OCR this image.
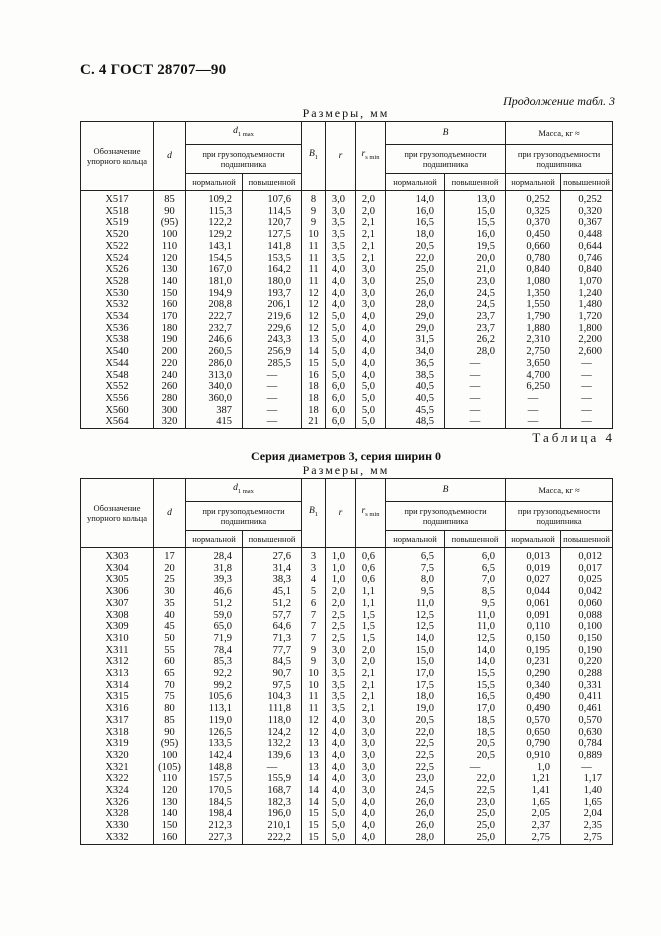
С. 4 ГОСТ 28707—90
Продолжение табл. 3
Размеры, мм
Обозначение упорного кольца	d	$d_{1 max}$		$B_1$	r	$r_{s min}$	B		Масса, кг ≈	
		при грузоподъемности подшипника					при грузоподъемности подшипника		при грузоподъемности подшипника	
		нормальной	повышенной				нормальной	повышенной	нормальной	повышенной
Х517	85	109,2	107,6	8	3,0	2,0	14,0	13,0	0,252	0,252
Х518	90	115,3	114,5	9	3,0	2,0	16,0	15,0	0,325	0,320
Х519	(95)	122,2	120,7	9	3,5	2,1	16,5	15,5	0,370	0,367
Х520	100	129,2	127,5	10	3,5	2,1	18,0	16,0	0,450	0,448
Х522	110	143,1	141,8	11	3,5	2,1	20,5	19,5	0,660	0,644
Х524	120	154,5	153,5	11	3,5	2,1	22,0	20,0	0,780	0,746
Х526	130	167,0	164,2	11	4,0	3,0	25,0	21,0	0,840	0,840
Х528	140	181,0	180,0	11	4,0	3,0	25,0	23,0	1,080	1,070
Х530	150	194,9	193,7	12	4,0	3,0	26,0	24,5	1,350	1,240
Х532	160	208,8	206,1	12	4,0	3,0	28,0	24,5	1,550	1,480
Х534	170	222,7	219,6	12	5,0	4,0	29,0	23,7	1,790	1,720
Х536	180	232,7	229,6	12	5,0	4,0	29,0	23,7	1,880	1,800
Х538	190	246,6	243,3	13	5,0	4,0	31,5	26,2	2,310	2,200
Х540	200	260,5	256,9	14	5,0	4,0	34,0	28,0	2,750	2,600
Х544	220	286,0	285,5	15	5,0	4,0	36,5	—	3,650	—
Х548	240	313,0	—	16	5,0	4,0	38,5	—	4,700	—
Х552	260	340,0	—	18	6,0	5,0	40,5	—	6,250	—
Х556	280	360,0	—	18	6,0	5,0	40,5	—	—	—
Х560	300	387	—	18	6,0	5,0	45,5	—	—	—
Х564	320	415	—	21	6,0	5,0	48,5	—	—	—
Таблица 4
Серия диаметров 3, серия ширин 0
Размеры, мм
Обозначение упорного кольца	d	$d_{1 max}$		$B_1$	r	$r_{s min}$	B		Масса, кг ≈	
		при грузоподъемности подшипника					при грузоподъемности подшипника		при грузоподъемности подшипника	
		нормальной	повышенной				нормальной	повышенной	нормальной	повышенной
Х303	17	28,4	27,6	3	1,0	0,6	6,5	6,0	0,013	0,012
Х304	20	31,8	31,4	3	1,0	0,6	7,5	6,5	0,019	0,017
Х305	25	39,3	38,3	4	1,0	0,6	8,0	7,0	0,027	0,025
Х306	30	46,6	45,1	5	2,0	1,1	9,5	8,5	0,044	0,042
Х307	35	51,2	51,2	6	2,0	1,1	11,0	9,5	0,061	0,060
Х308	40	59,0	57,7	7	2,5	1,5	12,5	11,0	0,091	0,088
Х309	45	65,0	64,6	7	2,5	1,5	12,5	11,0	0,110	0,100
Х310	50	71,9	71,3	7	2,5	1,5	14,0	12,5	0,150	0,150
Х311	55	78,4	77,7	9	3,0	2,0	15,0	14,0	0,195	0,190
Х312	60	85,3	84,5	9	3,0	2,0	15,0	14,0	0,231	0,220
Х313	65	92,2	90,7	10	3,5	2,1	17,0	15,5	0,290	0,288
Х314	70	99,2	97,5	10	3,5	2,1	17,5	15,5	0,340	0,331
Х315	75	105,6	104,3	11	3,5	2,1	18,0	16,5	0,490	0,411
Х316	80	113,1	111,8	11	3,5	2,1	19,0	17,0	0,490	0,461
Х317	85	119,0	118,0	12	4,0	3,0	20,5	18,5	0,570	0,570
Х318	90	126,5	124,2	12	4,0	3,0	22,0	18,5	0,650	0,630
Х319	(95)	133,5	132,2	13	4,0	3,0	22,5	20,5	0,790	0,784
Х320	100	142,4	139,6	13	4,0	3,0	22,5	20,5	0,910	0,889
Х321	(105)	148,8	—	13	4,0	3,0	22,5	—	1,0	—
Х322	110	157,5	155,9	14	4,0	3,0	23,0	22,0	1,21	1,17
Х324	120	170,5	168,7	14	4,0	3,0	24,5	22,5	1,41	1,40
Х326	130	184,5	182,3	14	5,0	4,0	26,0	23,0	1,65	1,65
Х328	140	198,4	196,0	15	5,0	4,0	26,0	25,0	2,05	2,04
Х330	150	212,3	210,1	15	5,0	4,0	26,0	25,0	2,37	2,35
Х332	160	227,3	222,2	15	5,0	4,0	28,0	25,0	2,75	2,75
